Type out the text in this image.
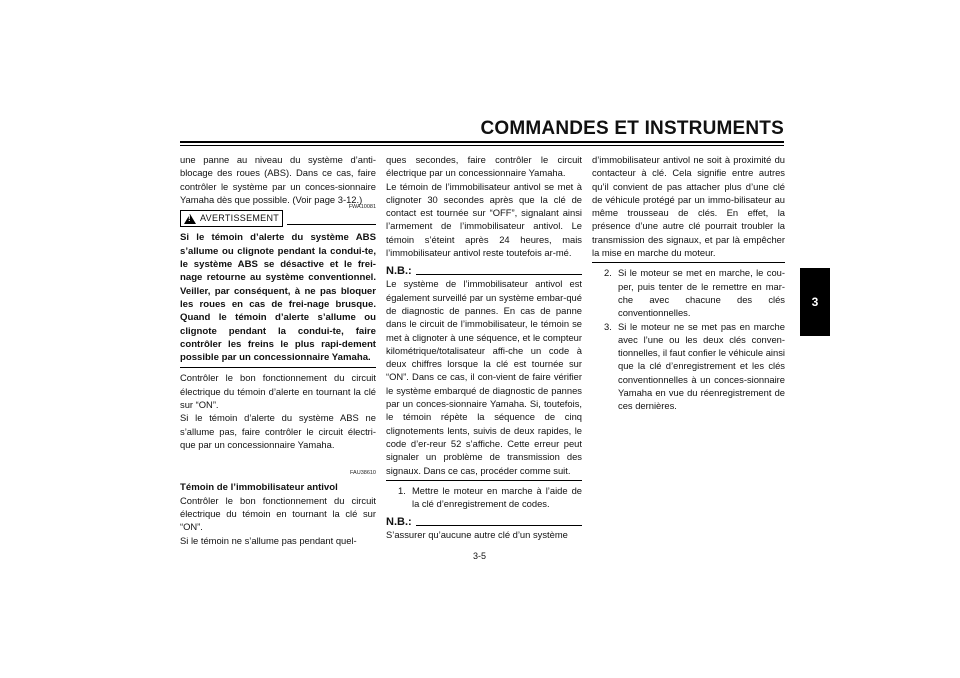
COMMANDES ET INSTRUMENTS
3

une panne au niveau du système d’anti-blocage des roues (ABS). Dans ce cas, faire contrôler le système par un conces-sionnaire Yamaha dès que possible. (Voir page 3-12.)

FWA10081
!
AVERTISSEMENT

Si le témoin d’alerte du système ABS s’allume ou clignote pendant la condui-te, le système ABS se désactive et le frei-nage retourne au système conventionnel. Veiller, par conséquent, à ne pas bloquer les roues en cas de frei-nage brusque. Quand le témoin d’alerte s’allume ou clignote pendant la condui-te, faire contrôler les freins le plus rapi-dement possible par un concessionnaire Yamaha.

Contrôler le bon fonctionnement du circuit électrique du témoin d’alerte en tournant la clé sur “ON”.

Si le témoin d’alerte du système ABS ne s’allume pas, faire contrôler le circuit électri-que par un concessionnaire Yamaha.

FAU38610

Témoin de l’immobilisateur antivol

Contrôler le bon fonctionnement du circuit électrique du témoin en tournant la clé sur “ON”.

Si le témoin ne s’allume pas pendant quel-

ques secondes, faire contrôler le circuit électrique par un concessionnaire Yamaha.

Le témoin de l’immobilisateur antivol se met à clignoter 30 secondes après que la clé de contact est tournée sur “OFF”, signalant ainsi l’armement de l’immobilisateur antivol. Le témoin s’éteint après 24 heures, mais l’immobilisateur antivol reste toutefois ar-mé.

N.B.:

Le système de l’immobilisateur antivol est également surveillé par un système embar-qué de diagnostic de pannes. En cas de panne dans le circuit de l’immobilisateur, le témoin se met à clignoter à une séquence, et le compteur kilométrique/totalisateur affi-che un code à deux chiffres lorsque la clé est tournée sur “ON”. Dans ce cas, il con-vient de faire vérifier le système embarqué de diagnostic de pannes par un conces-sionnaire Yamaha. Si, toutefois, le témoin répète la séquence de cinq clignotements lents, suivis de deux rapides, le code d’er-reur 52 s’affiche. Cette erreur peut signaler un problème de transmission des signaux. Dans ce cas, procéder comme suit.

1. Mettre le moteur en marche à l’aide de la clé d’enregistrement de codes.
N.B.:

S’assurer qu’aucune autre clé d’un système

d’immobilisateur antivol ne soit à proximité du contacteur à clé. Cela signifie entre autres qu’il convient de pas attacher plus d’une clé de véhicule protégé par un immo-bilisateur au même trousseau de clés. En effet, la présence d’une autre clé pourrait troubler la transmission des signaux, et par là empêcher la mise en marche du moteur.

2. Si le moteur se met en marche, le cou-per, puis tenter de le remettre en mar-che avec chacune des clés conventionnelles.
3. Si le moteur ne se met pas en marche avec l’une ou les deux clés conven-tionnelles, il faut confier le véhicule ainsi que la clé d’enregistrement et les clés conventionnelles à un conces-sionnaire Yamaha en vue du réenregistrement de ces dernières.
3-5
